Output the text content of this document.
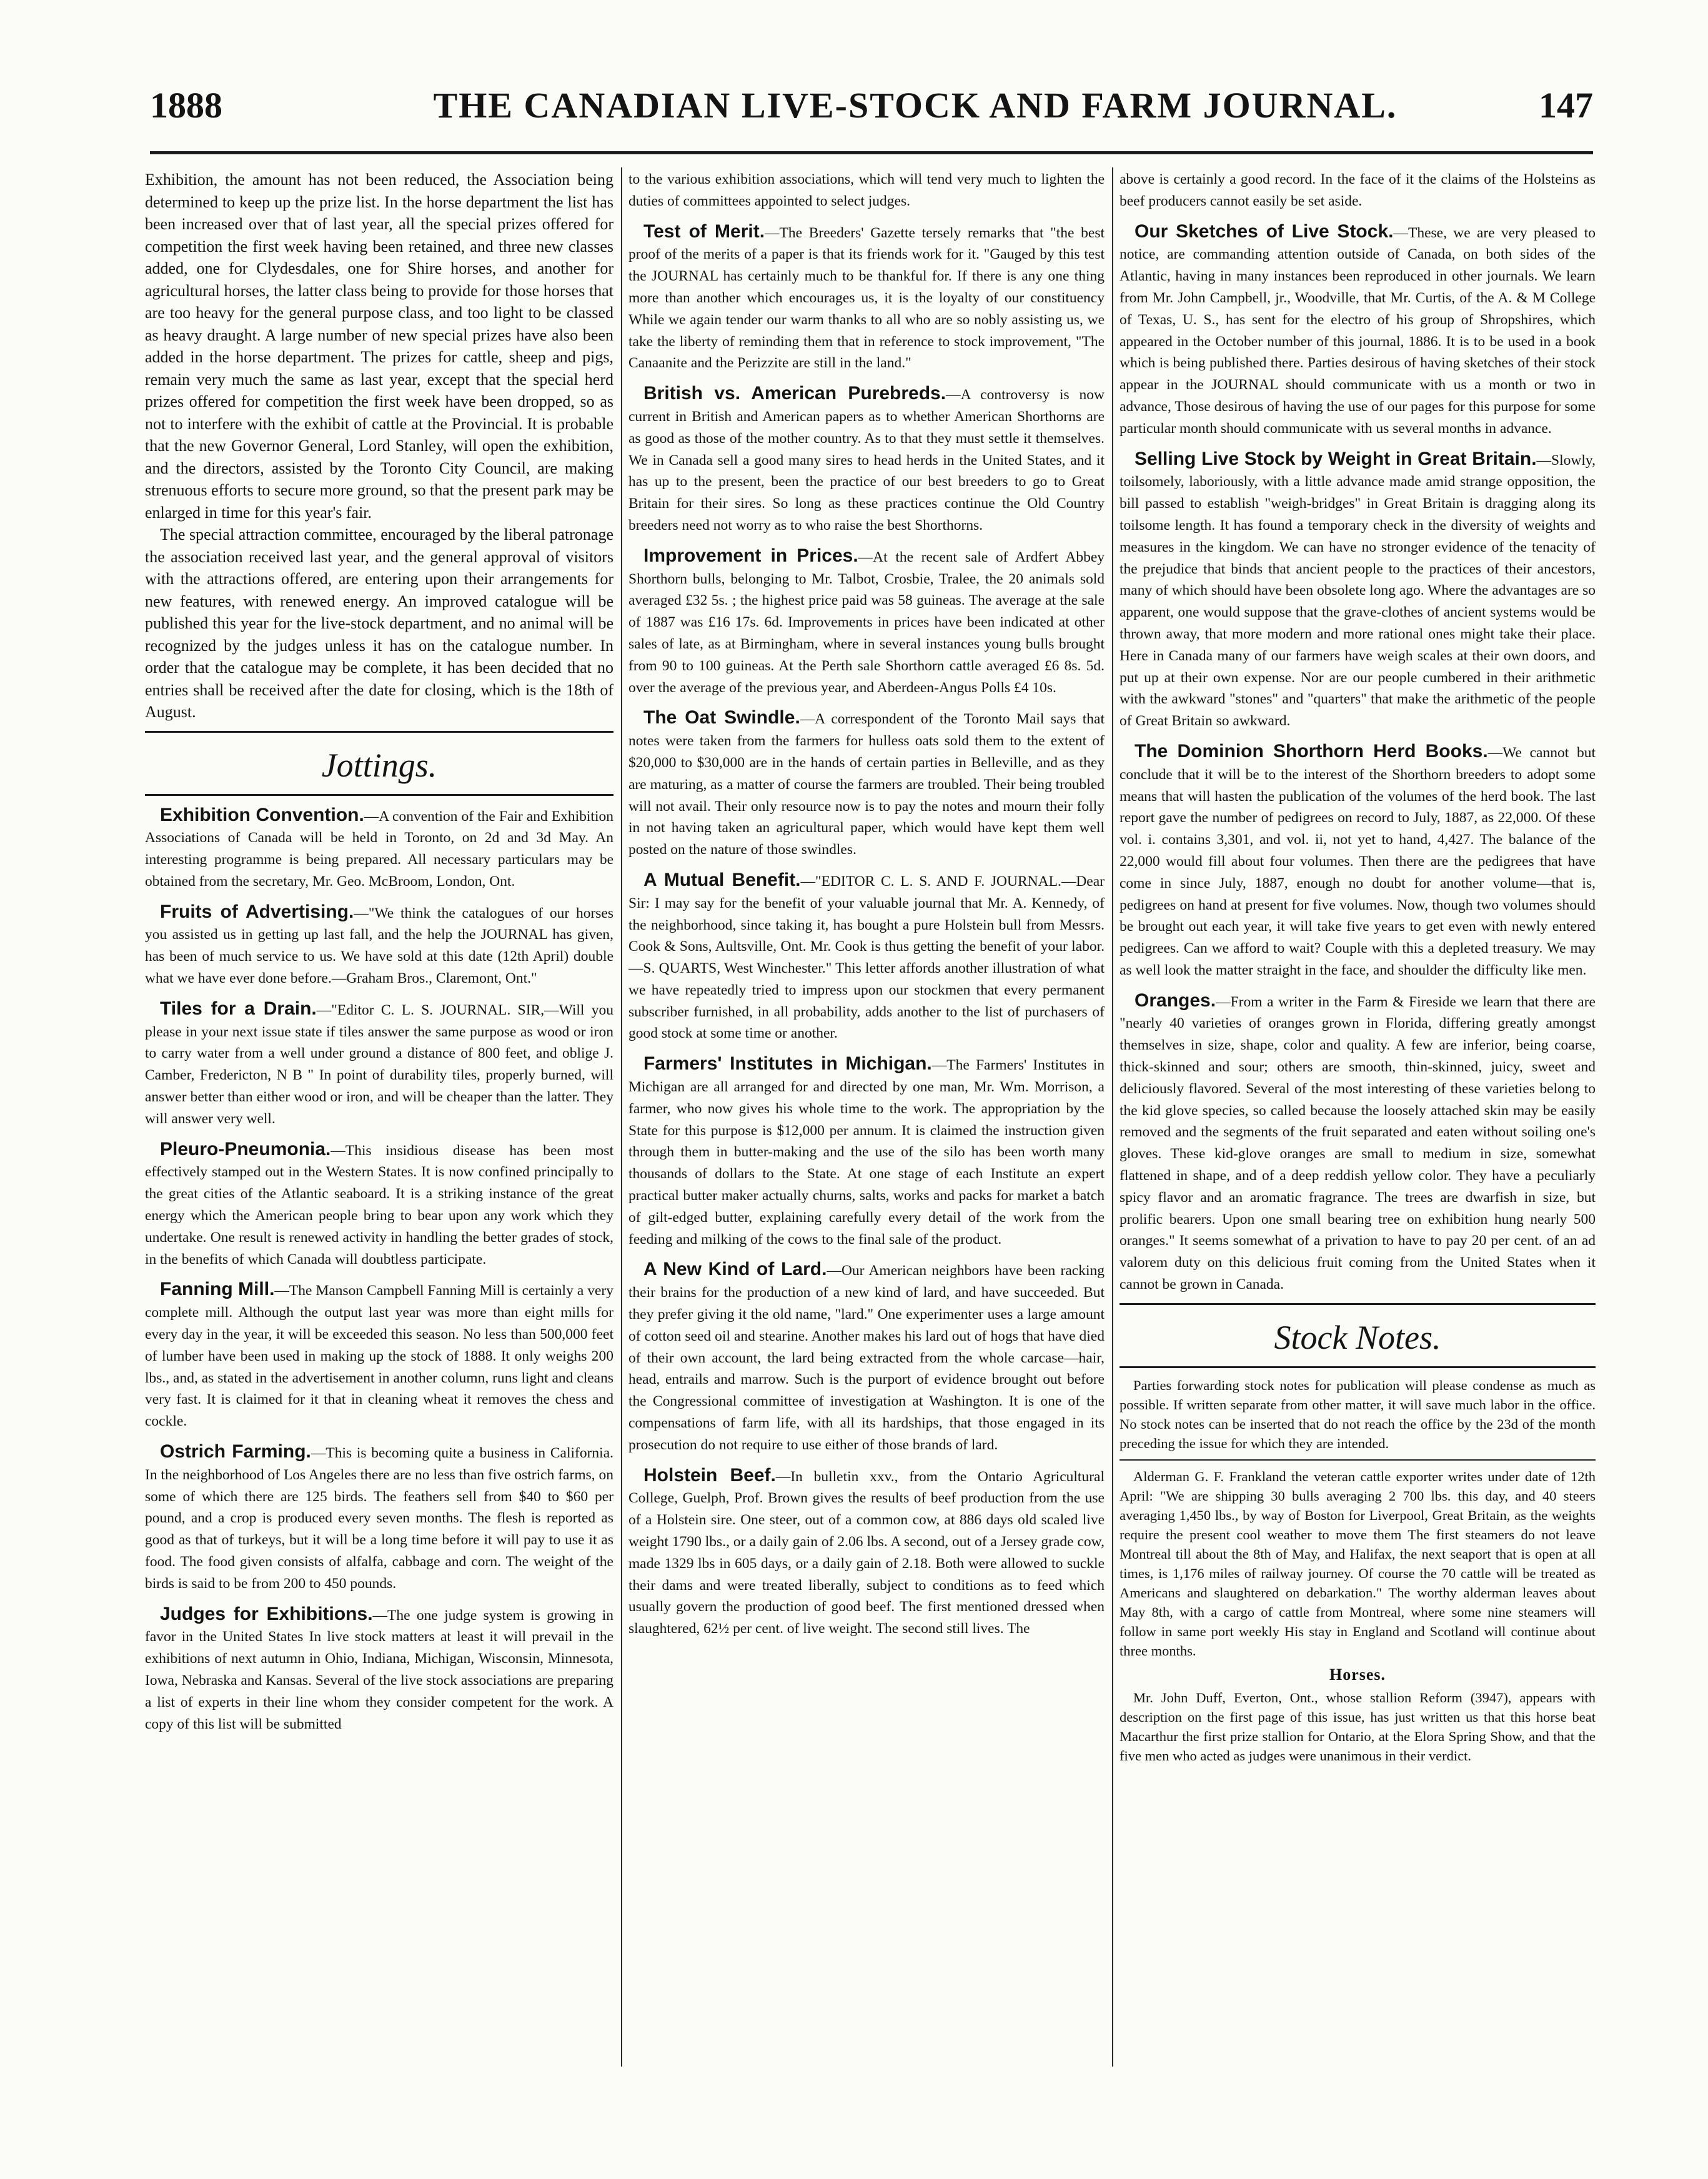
1888	THE CANADIAN LIVE-STOCK AND FARM JOURNAL.	147

Exhibition, the amount has not been reduced, the Association being determined to keep up the prize list. In the horse department the list has been increased over that of last year, all the special prizes offered for competition the first week having been retained, and three new classes added, one for Clydesdales, one for Shire horses, and another for agricultural horses, the latter class being to provide for those horses that are too heavy for the general purpose class, and too light to be classed as heavy draught. A large number of new special prizes have also been added in the horse department. The prizes for cattle, sheep and pigs, remain very much the same as last year, except that the special herd prizes offered for competition the first week have been dropped, so as not to interfere with the exhibit of cattle at the Provincial. It is probable that the new Governor General, Lord Stanley, will open the exhibition, and the directors, assisted by the Toronto City Council, are making strenuous efforts to secure more ground, so that the present park may be enlarged in time for this year's fair.

The special attraction committee, encouraged by the liberal patronage the association received last year, and the general approval of visitors with the attractions offered, are entering upon their arrangements for new features, with renewed energy. An improved catalogue will be published this year for the live-stock department, and no animal will be recognized by the judges unless it has on the catalogue number. In order that the catalogue may be complete, it has been decided that no entries shall be received after the date for closing, which is the 18th of August.

Jottings.

Exhibition Convention.—A convention of the Fair and Exhibition Associations of Canada will be held in Toronto, on 2d and 3d May. An interesting programme is being prepared. All necessary particulars may be obtained from the secretary, Mr. Geo. McBroom, London, Ont.

Fruits of Advertising.—"We think the catalogues of our horses you assisted us in getting up last fall, and the help the JOURNAL has given, has been of much service to us. We have sold at this date (12th April) double what we have ever done before.—Graham Bros., Claremont, Ont."

Tiles for a Drain.—"Editor C. L. S. JOURNAL. SIR,—Will you please in your next issue state if tiles answer the same purpose as wood or iron to carry water from a well under ground a distance of 800 feet, and oblige J. Camber, Fredericton, N B " In point of durability tiles, properly burned, will answer better than either wood or iron, and will be cheaper than the latter. They will answer very well.

Pleuro-Pneumonia.—This insidious disease has been most effectively stamped out in the Western States. It is now confined principally to the great cities of the Atlantic seaboard. It is a striking instance of the great energy which the American people bring to bear upon any work which they undertake. One result is renewed activity in handling the better grades of stock, in the benefits of which Canada will doubtless participate.

Fanning Mill.—The Manson Campbell Fanning Mill is certainly a very complete mill. Although the output last year was more than eight mills for every day in the year, it will be exceeded this season. No less than 500,000 feet of lumber have been used in making up the stock of 1888. It only weighs 200 lbs., and, as stated in the advertisement in another column, runs light and cleans very fast. It is claimed for it that in cleaning wheat it removes the chess and cockle.

Ostrich Farming.—This is becoming quite a business in California. In the neighborhood of Los Angeles there are no less than five ostrich farms, on some of which there are 125 birds. The feathers sell from $40 to $60 per pound, and a crop is produced every seven months. The flesh is reported as good as that of turkeys, but it will be a long time before it will pay to use it as food. The food given consists of alfalfa, cabbage and corn. The weight of the birds is said to be from 200 to 450 pounds.

Judges for Exhibitions.—The one judge system is growing in favor in the United States In live stock matters at least it will prevail in the exhibitions of next autumn in Ohio, Indiana, Michigan, Wisconsin, Minnesota, Iowa, Nebraska and Kansas. Several of the live stock associations are preparing a list of experts in their line whom they consider competent for the work. A copy of this list will be submitted

to the various exhibition associations, which will tend very much to lighten the duties of committees appointed to select judges.

Test of Merit.—The Breeders' Gazette tersely remarks that "the best proof of the merits of a paper is that its friends work for it. "Gauged by this test the JOURNAL has certainly much to be thankful for. If there is any one thing more than another which encourages us, it is the loyalty of our constituency While we again tender our warm thanks to all who are so nobly assisting us, we take the liberty of reminding them that in reference to stock improvement, "The Canaanite and the Perizzite are still in the land."

British vs. American Purebreds.—A controversy is now current in British and American papers as to whether American Shorthorns are as good as those of the mother country. As to that they must settle it themselves. We in Canada sell a good many sires to head herds in the United States, and it has up to the present, been the practice of our best breeders to go to Great Britain for their sires. So long as these practices continue the Old Country breeders need not worry as to who raise the best Shorthorns.

Improvement in Prices.—At the recent sale of Ardfert Abbey Shorthorn bulls, belonging to Mr. Talbot, Crosbie, Tralee, the 20 animals sold averaged £32 5s. ; the highest price paid was 58 guineas. The average at the sale of 1887 was £16 17s. 6d. Improvements in prices have been indicated at other sales of late, as at Birmingham, where in several instances young bulls brought from 90 to 100 guineas. At the Perth sale Shorthorn cattle averaged £6 8s. 5d. over the average of the previous year, and Aberdeen-Angus Polls £4 10s.

The Oat Swindle.—A correspondent of the Toronto Mail says that notes were taken from the farmers for hulless oats sold them to the extent of $20,000 to $30,000 are in the hands of certain parties in Belleville, and as they are maturing, as a matter of course the farmers are troubled. Their being troubled will not avail. Their only resource now is to pay the notes and mourn their folly in not having taken an agricultural paper, which would have kept them well posted on the nature of those swindles.

A Mutual Benefit.—"EDITOR C. L. S. AND F. JOURNAL.—Dear Sir: I may say for the benefit of your valuable journal that Mr. A. Kennedy, of the neighborhood, since taking it, has bought a pure Holstein bull from Messrs. Cook & Sons, Aultsville, Ont. Mr. Cook is thus getting the benefit of your labor.—S. QUARTS, West Winchester." This letter affords another illustration of what we have repeatedly tried to impress upon our stockmen that every permanent subscriber furnished, in all probability, adds another to the list of purchasers of good stock at some time or another.

Farmers' Institutes in Michigan.—The Farmers' Institutes in Michigan are all arranged for and directed by one man, Mr. Wm. Morrison, a farmer, who now gives his whole time to the work. The appropriation by the State for this purpose is $12,000 per annum. It is claimed the instruction given through them in butter-making and the use of the silo has been worth many thousands of dollars to the State. At one stage of each Institute an expert practical butter maker actually churns, salts, works and packs for market a batch of gilt-edged butter, explaining carefully every detail of the work from the feeding and milking of the cows to the final sale of the product.

A New Kind of Lard.—Our American neighbors have been racking their brains for the production of a new kind of lard, and have succeeded. But they prefer giving it the old name, "lard." One experimenter uses a large amount of cotton seed oil and stearine. Another makes his lard out of hogs that have died of their own account, the lard being extracted from the whole carcase—hair, head, entrails and marrow. Such is the purport of evidence brought out before the Congressional committee of investigation at Washington. It is one of the compensations of farm life, with all its hardships, that those engaged in its prosecution do not require to use either of those brands of lard.

Holstein Beef.—In bulletin xxv., from the Ontario Agricultural College, Guelph, Prof. Brown gives the results of beef production from the use of a Holstein sire. One steer, out of a common cow, at 886 days old scaled live weight 1790 lbs., or a daily gain of 2.06 lbs. A second, out of a Jersey grade cow, made 1329 lbs in 605 days, or a daily gain of 2.18. Both were allowed to suckle their dams and were treated liberally, subject to conditions as to feed which usually govern the production of good beef. The first mentioned dressed when slaughtered, 62½ per cent. of live weight. The second still lives. The

above is certainly a good record. In the face of it the claims of the Holsteins as beef producers cannot easily be set aside.

Our Sketches of Live Stock.—These, we are very pleased to notice, are commanding attention outside of Canada, on both sides of the Atlantic, having in many instances been reproduced in other journals. We learn from Mr. John Campbell, jr., Woodville, that Mr. Curtis, of the A. & M College of Texas, U. S., has sent for the electro of his group of Shropshires, which appeared in the October number of this journal, 1886. It is to be used in a book which is being published there. Parties desirous of having sketches of their stock appear in the JOURNAL should communicate with us a month or two in advance, Those desirous of having the use of our pages for this purpose for some particular month should communicate with us several months in advance.

Selling Live Stock by Weight in Great Britain.—Slowly, toilsomely, laboriously, with a little advance made amid strange opposition, the bill passed to establish "weigh-bridges" in Great Britain is dragging along its toilsome length. It has found a temporary check in the diversity of weights and measures in the kingdom. We can have no stronger evidence of the tenacity of the prejudice that binds that ancient people to the practices of their ancestors, many of which should have been obsolete long ago. Where the advantages are so apparent, one would suppose that the grave-clothes of ancient systems would be thrown away, that more modern and more rational ones might take their place. Here in Canada many of our farmers have weigh scales at their own doors, and put up at their own expense. Nor are our people cumbered in their arithmetic with the awkward "stones" and "quarters" that make the arithmetic of the people of Great Britain so awkward.

The Dominion Shorthorn Herd Books.—We cannot but conclude that it will be to the interest of the Shorthorn breeders to adopt some means that will hasten the publication of the volumes of the herd book. The last report gave the number of pedigrees on record to July, 1887, as 22,000. Of these vol. i. contains 3,301, and vol. ii, not yet to hand, 4,427. The balance of the 22,000 would fill about four volumes. Then there are the pedigrees that have come in since July, 1887, enough no doubt for another volume—that is, pedigrees on hand at present for five volumes. Now, though two volumes should be brought out each year, it will take five years to get even with newly entered pedigrees. Can we afford to wait? Couple with this a depleted treasury. We may as well look the matter straight in the face, and shoulder the difficulty like men.

Oranges.—From a writer in the Farm & Fireside we learn that there are "nearly 40 varieties of oranges grown in Florida, differing greatly amongst themselves in size, shape, color and quality. A few are inferior, being coarse, thick-skinned and sour; others are smooth, thin-skinned, juicy, sweet and deliciously flavored. Several of the most interesting of these varieties belong to the kid glove species, so called because the loosely attached skin may be easily removed and the segments of the fruit separated and eaten without soiling one's gloves. These kid-glove oranges are small to medium in size, somewhat flattened in shape, and of a deep reddish yellow color. They have a peculiarly spicy flavor and an aromatic fragrance. The trees are dwarfish in size, but prolific bearers. Upon one small bearing tree on exhibition hung nearly 500 oranges." It seems somewhat of a privation to have to pay 20 per cent. of an ad valorem duty on this delicious fruit coming from the United States when it cannot be grown in Canada.

Stock Notes.

Parties forwarding stock notes for publication will please condense as much as possible. If written separate from other matter, it will save much labor in the office. No stock notes can be inserted that do not reach the office by the 23d of the month preceding the issue for which they are intended.

Alderman G. F. Frankland the veteran cattle exporter writes under date of 12th April: "We are shipping 30 bulls averaging 2 700 lbs. this day, and 40 steers averaging 1,450 lbs., by way of Boston for Liverpool, Great Britain, as the weights require the present cool weather to move them The first steamers do not leave Montreal till about the 8th of May, and Halifax, the next seaport that is open at all times, is 1,176 miles of railway journey. Of course the 70 cattle will be treated as Americans and slaughtered on debarkation." The worthy alderman leaves about May 8th, with a cargo of cattle from Montreal, where some nine steamers will follow in same port weekly His stay in England and Scotland will continue about three months.

Horses.

Mr. John Duff, Everton, Ont., whose stallion Reform (3947), appears with description on the first page of this issue, has just written us that this horse beat Macarthur the first prize stallion for Ontario, at the Elora Spring Show, and that the five men who acted as judges were unanimous in their verdict.
